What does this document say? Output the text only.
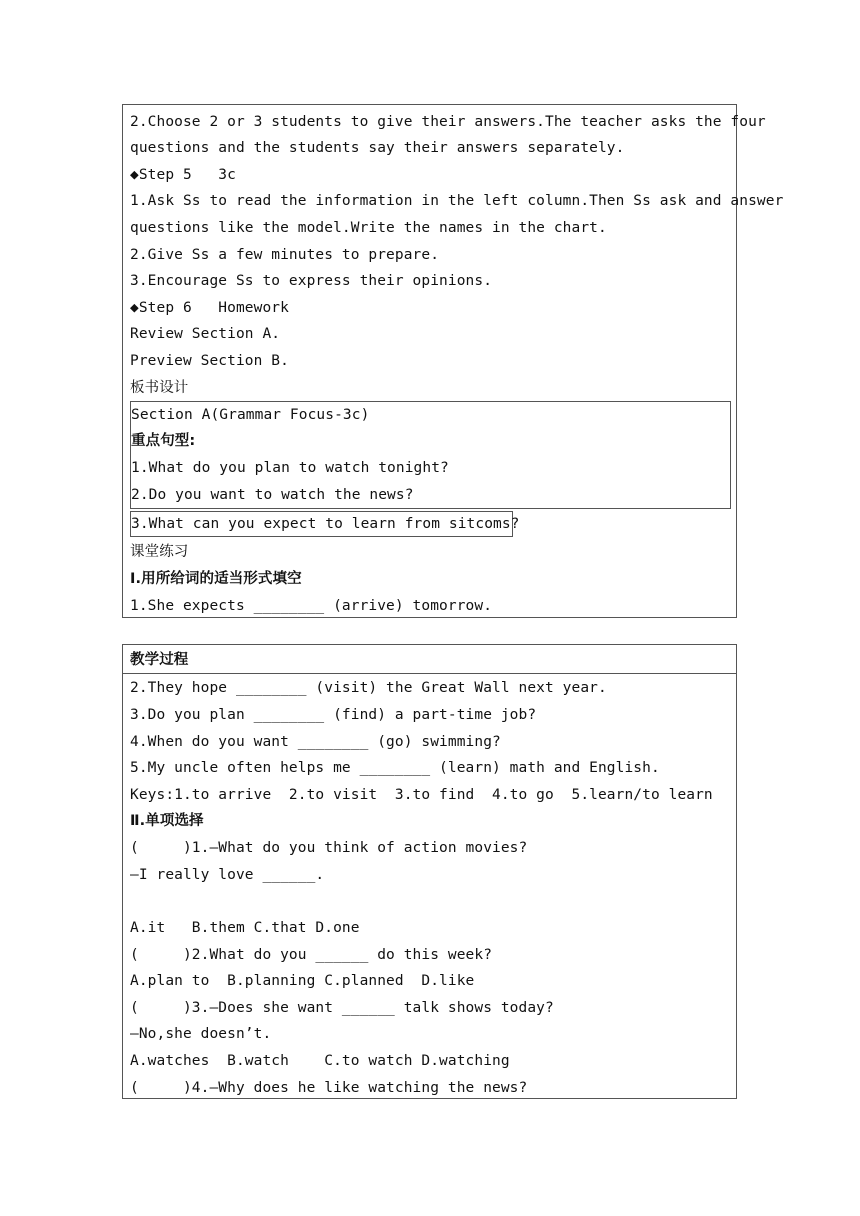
2.Choose 2 or 3 students to give their answers.The teacher asks the four
questions and the students say their answers separately.
◆Step 5   3c
1.Ask Ss to read the information in the left column.Then Ss ask and answer
questions like the model.Write the names in the chart.
2.Give Ss a few minutes to prepare.
3.Encourage Ss to express their opinions.
◆Step 6   Homework
Review Section A.
Preview Section B.
板书设计
Section A(Grammar Focus-3c)
重点句型:
1.What do you plan to watch tonight?
2.Do you want to watch the news?
3.What can you expect to learn from sitcoms?
课堂练习
Ⅰ.用所给词的适当形式填空
1.She expects ________ (arrive) tomorrow.
教学过程
2.They hope ________ (visit) the Great Wall next year.
3.Do you plan ________ (find) a part-time job?
4.When do you want ________ (go) swimming?
5.My uncle often helps me ________ (learn) math and English.
Keys:1.to arrive  2.to visit  3.to find  4.to go  5.learn/to learn
Ⅱ.单项选择
(     )1.—What do you think of action movies?
—I really love ______.
A.it   B.them C.that D.one
(     )2.What do you ______ do this week?
A.plan to  B.planning C.planned  D.like
(     )3.—Does she want ______ talk shows today?
—No,she doesn’t.
A.watches  B.watch    C.to watch D.watching
(     )4.—Why does he like watching the news?
